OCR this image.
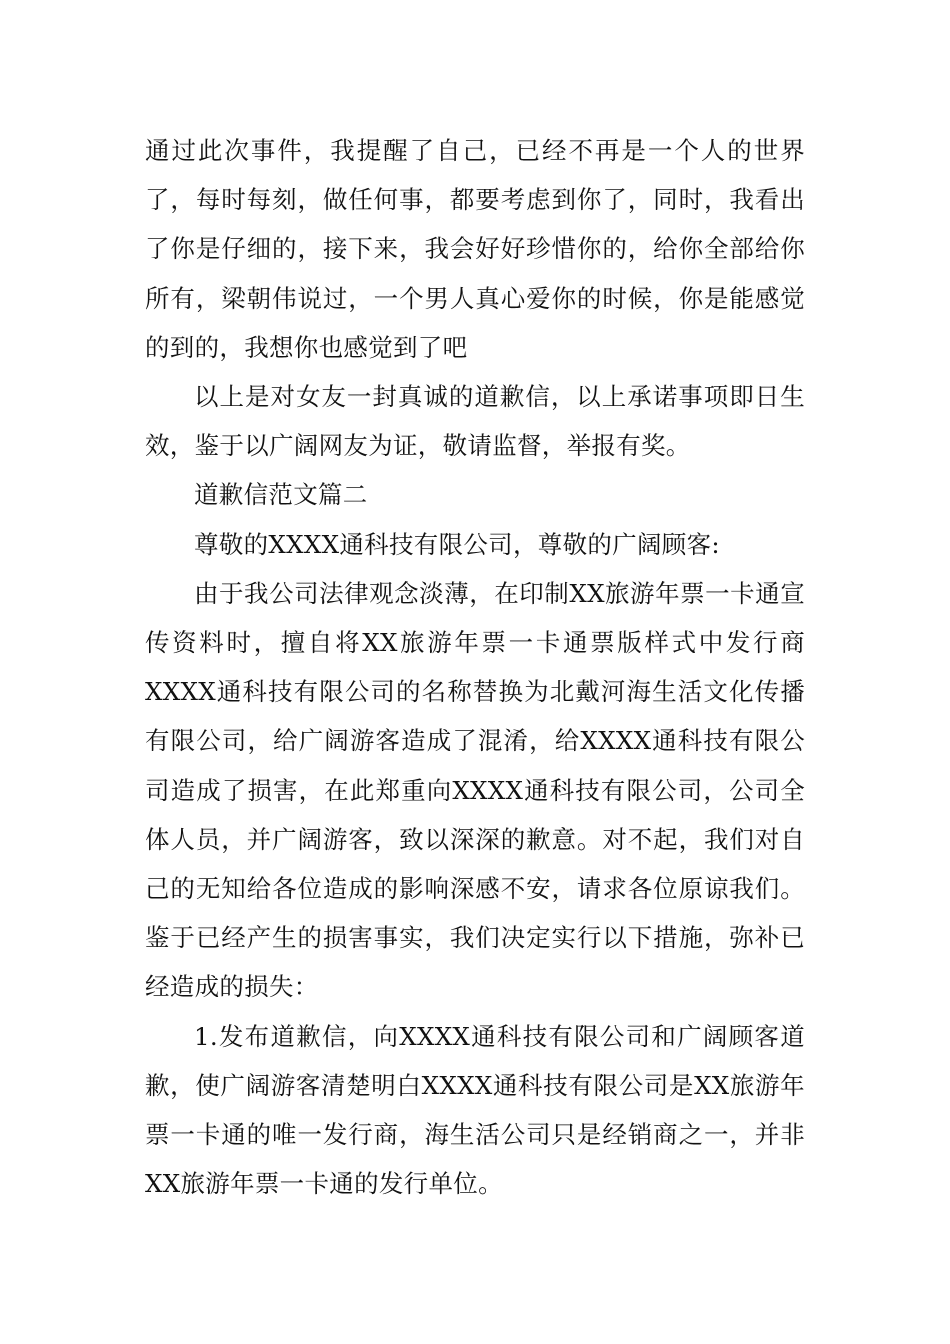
通过此次事件，我提醒了自己，已经不再是一个人的世界了，每时每刻，做任何事，都要考虑到你了，同时，我看出了你是仔细的，接下来，我会好好珍惜你的，给你全部给你所有，梁朝伟说过，一个男人真心爱你的时候，你是能感觉的到的，我想你也感觉到了吧

以上是对女友一封真诚的道歉信，以上承诺事项即日生效，鉴于以广阔网友为证，敬请监督，举报有奖。

道歉信范文篇二

尊敬的XXXX通科技有限公司，尊敬的广阔顾客:

由于我公司法律观念淡薄，在印制XX旅游年票一卡通宣传资料时，擅自将XX旅游年票一卡通票版样式中发行商XXXX通科技有限公司的名称替换为北戴河海生活文化传播有限公司，给广阔游客造成了混淆，给XXXX通科技有限公司造成了损害，在此郑重向XXXX通科技有限公司，公司全体人员，并广阔游客，致以深深的歉意。对不起，我们对自己的无知给各位造成的影响深感不安，请求各位原谅我们。鉴于已经产生的损害事实，我们决定实行以下措施，弥补已经造成的损失：

1.发布道歉信，向XXXX通科技有限公司和广阔顾客道歉，使广阔游客清楚明白XXXX通科技有限公司是XX旅游年票一卡通的唯一发行商，海生活公司只是经销商之一，并非XX旅游年票一卡通的发行单位。
